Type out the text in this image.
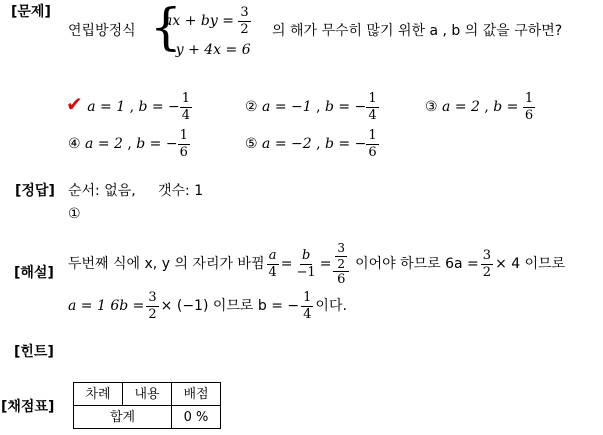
[문제]
[정답]
[해설]
[힌트]
[채점표]
연립방정식 {
ax + by = $\frac{3}{2}$
−y + 4x = 6
의 해가 무수히 많기 위한 a , b 의 값을 구하면?
✔ a = 1 , b = − $\frac{1}{4}$	② a = −1 , b = − $\frac{1}{4}$	③ a = 2 , $b = \frac{1}{6}$
④ a = 2 , b = − $\frac{1}{6}$	⑤ a = −2 , b = − $\frac{1}{6}$
순서: 없음, 갯수: 1
①
두번째 식에 x, y 의 자리가 바뀜 $\frac{a}{4} = \frac{b}{-1} = \frac{\frac{3}{2}}{6}$ 이어야 하므로 $6a = \frac{3}{2} \times 4$ 이므로
a = 1 $6b = \frac{3}{2} \times (-1)$ 이므로 b = − $\frac{1}{4}$ 이다.
차례	내용	배점
합계		0 %
